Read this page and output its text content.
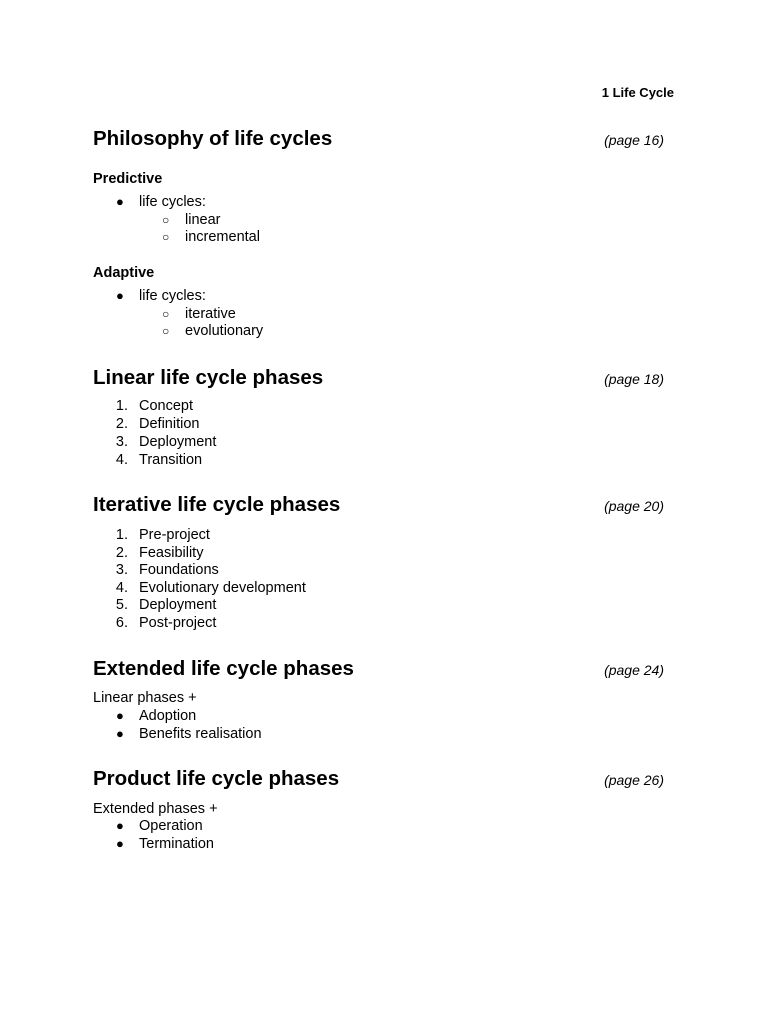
1 Life Cycle
Philosophy of life cycles	(page 16)
Predictive
● life cycles:
○ linear
○ incremental
Adaptive
● life cycles:
○ iterative
○ evolutionary
Linear life cycle phases	(page 18)
1. Concept
2. Definition
3. Deployment
4. Transition
Iterative life cycle phases	(page 20)
1. Pre-project
2. Feasibility
3. Foundations
4. Evolutionary development
5. Deployment
6. Post-project
Extended life cycle phases	(page 24)
Linear phases +
● Adoption
● Benefits realisation
Product life cycle phases	(page 26)
Extended phases +
● Operation
● Termination
